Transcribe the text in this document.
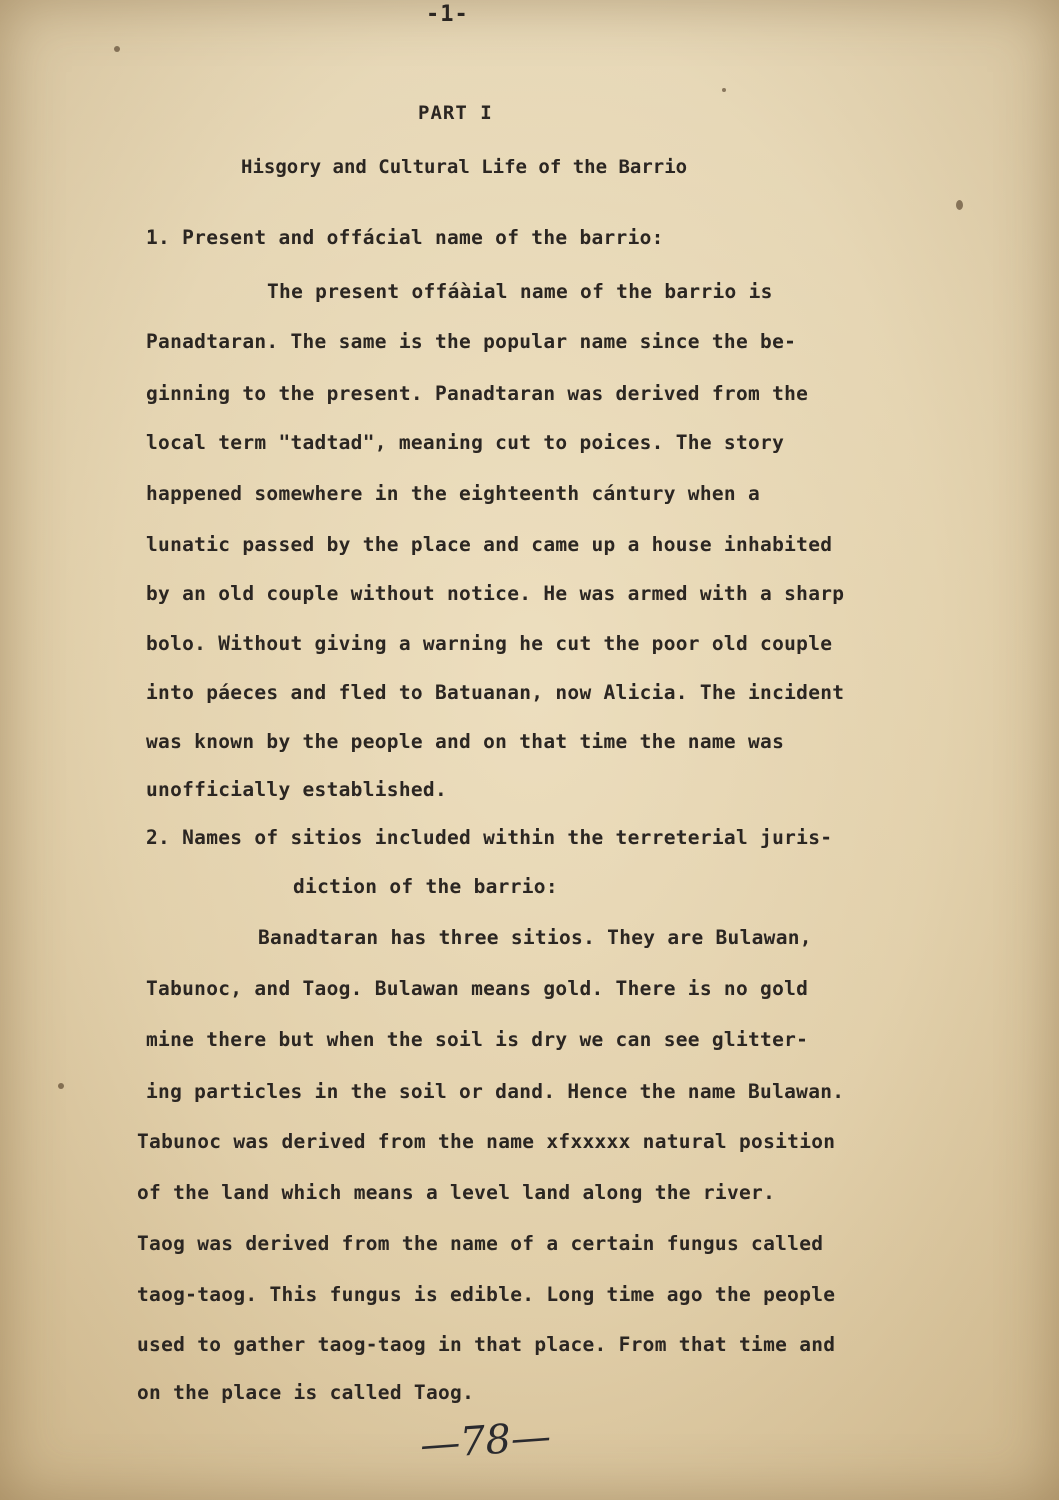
-1-
PART I
Hisgory and Cultural Life of the Barrio
1. Present and offácial name of the barrio:
The present offáàial name of the barrio is
Panadtaran. The same is the popular name since the be-
ginning to the present. Panadtaran was derived from the
local term "tadtad", meaning cut to poices. The story
happened somewhere in the eighteenth cántury when a
lunatic passed by the place and came up a house inhabited
by an old couple without notice. He was armed with a sharp
bolo. Without giving a warning he cut the poor old couple
into páeces and fled to Batuanan, now Alicia. The incident
was known by the people and on that time the name was
unofficially established.
2. Names of sitios included within the terreterial juris-
diction of the barrio:
Banadtaran has three sitios. They are Bulawan,
Tabunoc, and Taog. Bulawan means gold. There is no gold
mine there but when the soil is dry we can see glitter-
ing particles in the soil or dand. Hence the name Bulawan.
Tabunoc was derived from the name xfxxxxx natural position
of the land which means a level land along the river.
Taog was derived from the name of a certain fungus called
taog-taog. This fungus is edible. Long time ago the people
used to gather taog-taog in that place. From that time and
on the place is called Taog.
—78—
